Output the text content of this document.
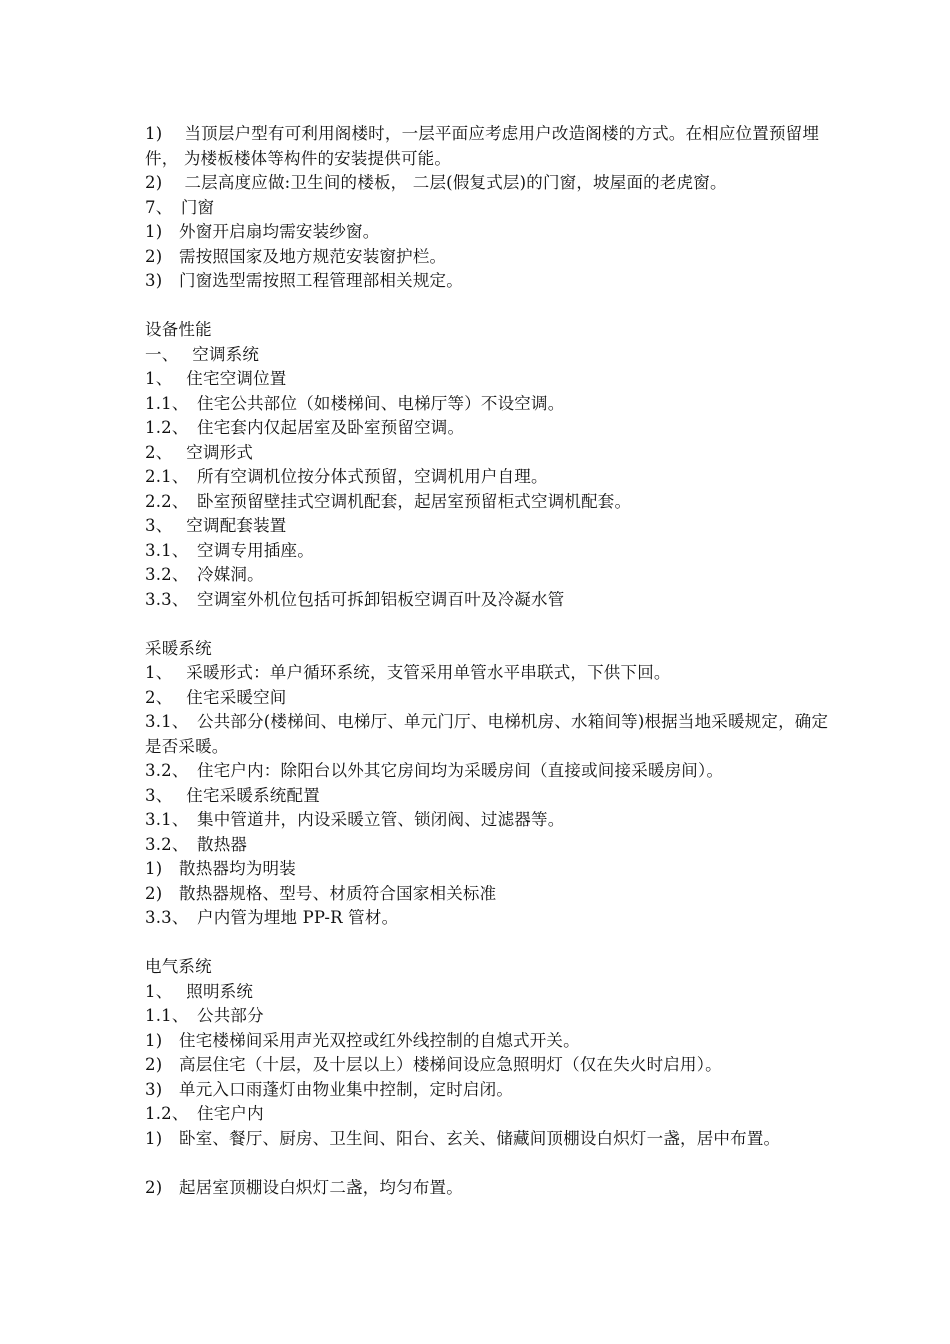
1)　 当顶层户型有可利用阁楼时，一层平面应考虑用户改造阁楼的方式。在相应位置预留埋件， 为楼板楼体等构件的安装提供可能。
2)　 二层高度应做:卫生间的楼板， 二层(假复式层)的门窗，坡屋面的老虎窗。
7、　门窗
1)　外窗开启扇均需安装纱窗。
2)　需按照国家及地方规范安装窗护栏。
3)　门窗选型需按照工程管理部相关规定。
设备性能
一、　 空调系统
1、　 住宅空调位置
1.1、　住宅公共部位（如楼梯间、电梯厅等）不设空调。
1.2、　住宅套内仅起居室及卧室预留空调。
2、　 空调形式
2.1、　所有空调机位按分体式预留，空调机用户自理。
2.2、　卧室预留壁挂式空调机配套，起居室预留柜式空调机配套。
3、　 空调配套装置
3.1、　空调专用插座。
3.2、　冷媒洞。
3.3、　空调室外机位包括可拆卸铝板空调百叶及冷凝水管
采暖系统
1、　 采暖形式：单户循环系统，支管采用单管水平串联式，下供下回。
2、　 住宅采暖空间
3.1、　公共部分(楼梯间、电梯厅、单元门厅、电梯机房、水箱间等)根据当地采暖规定，确定是否采暖。
3.2、　住宅户内：除阳台以外其它房间均为采暖房间（直接或间接采暖房间）。
3、　 住宅采暖系统配置
3.1、　集中管道井，内设采暖立管、锁闭阀、过滤器等。
3.2、　散热器
1)　散热器均为明装
2)　散热器规格、型号、材质符合国家相关标准
3.3、　户内管为埋地 PP-R 管材。
电气系统
1、　 照明系统
1.1、　公共部分
1)　住宅楼梯间采用声光双控或红外线控制的自熄式开关。
2)　高层住宅（十层，及十层以上）楼梯间设应急照明灯（仅在失火时启用）。
3)　单元入口雨蓬灯由物业集中控制，定时启闭。
1.2、　住宅户内
1)　卧室、餐厅、厨房、卫生间、阳台、玄关、储藏间顶棚设白炽灯一盏，居中布置。
2)　起居室顶棚设白炽灯二盏，均匀布置。
